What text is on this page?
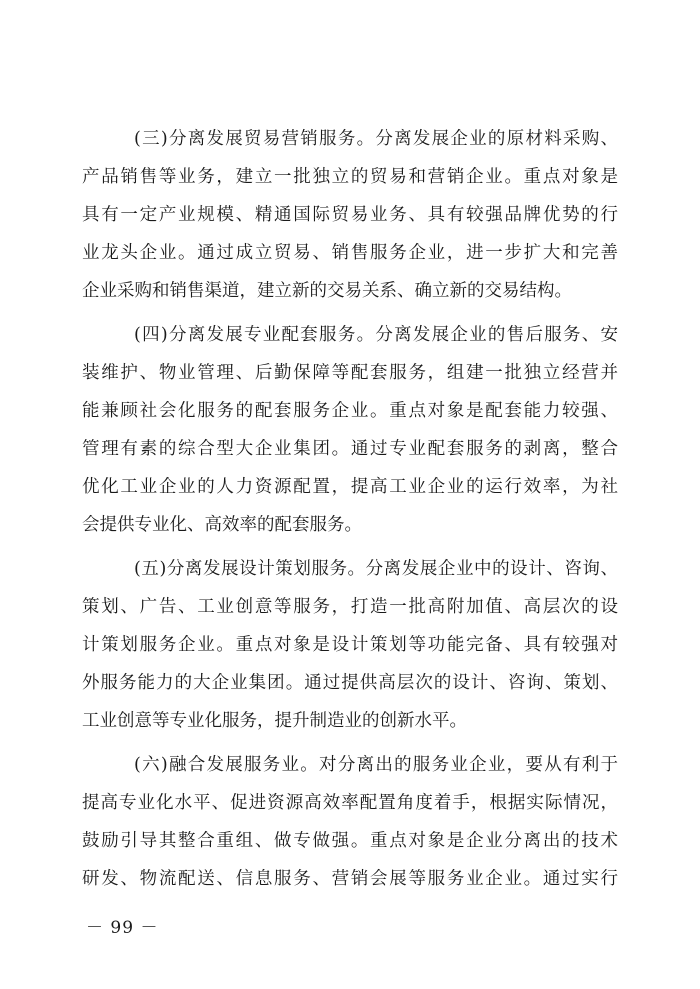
(三)分离发展贸易营销服务。分离发展企业的原材料采购、
产品销售等业务，建立一批独立的贸易和营销企业。重点对象是
具有一定产业规模、精通国际贸易业务、具有较强品牌优势的行
业龙头企业。通过成立贸易、销售服务企业，进一步扩大和完善
企业采购和销售渠道，建立新的交易关系、确立新的交易结构。
(四)分离发展专业配套服务。分离发展企业的售后服务、安
装维护、物业管理、后勤保障等配套服务，组建一批独立经营并
能兼顾社会化服务的配套服务企业。重点对象是配套能力较强、
管理有素的综合型大企业集团。通过专业配套服务的剥离，整合
优化工业企业的人力资源配置，提高工业企业的运行效率，为社
会提供专业化、高效率的配套服务。
(五)分离发展设计策划服务。分离发展企业中的设计、咨询、
策划、广告、工业创意等服务，打造一批高附加值、高层次的设
计策划服务企业。重点对象是设计策划等功能完备、具有较强对
外服务能力的大企业集团。通过提供高层次的设计、咨询、策划、
工业创意等专业化服务，提升制造业的创新水平。
(六)融合发展服务业。对分离出的服务业企业，要从有利于
提高专业化水平、促进资源高效率配置角度着手，根据实际情况，
鼓励引导其整合重组、做专做强。重点对象是企业分离出的技术
研发、物流配送、信息服务、营销会展等服务业企业。通过实行
－ 99 －
